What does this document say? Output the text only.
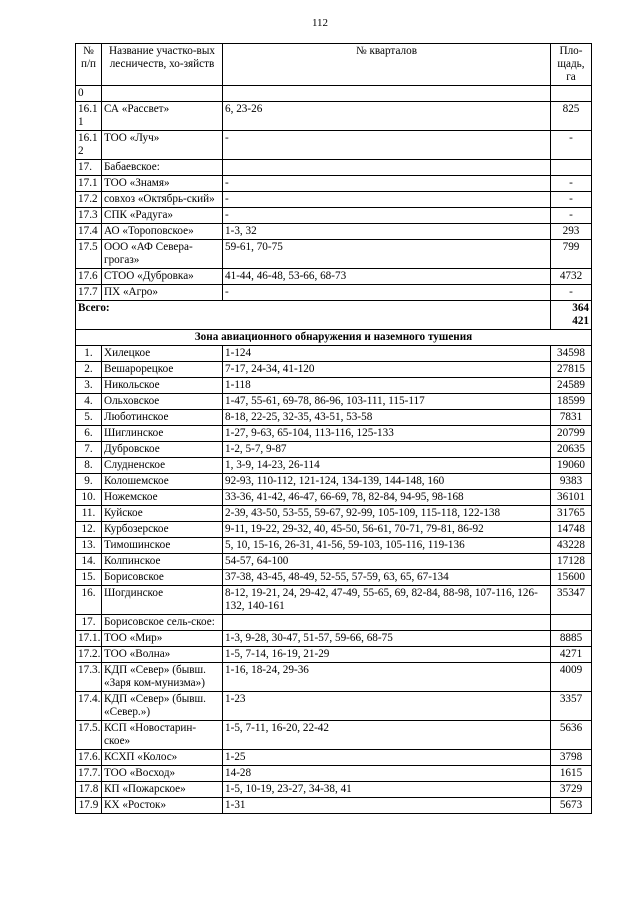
112
№ п/п	Название участко-вых лесничеств, хо-зяйств	№ кварталов	Пло-щадь, га
0			
16.1 1	СА «Рассвет»	6, 23-26	825
16.1 2	ТОО «Луч»	-	-
17.	Бабаевское:		
17.1	ТОО «Знамя»	-	-
17.2	совхоз «Октябрь-ский»	-	-
17.3	СПК «Радуга»	-	-
17.4	АО «Тороповское»	1-3, 32	293
17.5	ООО «АФ Севера-грогаз»	59-61, 70-75	799
17.6	СТОО «Дубровка»	41-44, 46-48, 53-66, 68-73	4732
17.7	ПХ «Агро»	-	-
Всего:			364 421
Зона авиационного обнаружения и наземного тушения			
1.	Хилецкое	1-124	34598
2.	Вешарорецкое	7-17, 24-34, 41-120	27815
3.	Никольское	1-118	24589
4.	Ольховское	1-47, 55-61, 69-78, 86-96, 103-111, 115-117	18599
5.	Люботинское	8-18, 22-25, 32-35, 43-51, 53-58	7831
6.	Шиглинское	1-27, 9-63, 65-104, 113-116, 125-133	20799
7.	Дубровское	1-2, 5-7, 9-87	20635
8.	Слудненское	1, 3-9, 14-23, 26-114	19060
9.	Колошемское	92-93, 110-112, 121-124, 134-139, 144-148, 160	9383
10.	Ножемское	33-36, 41-42, 46-47, 66-69, 78, 82-84, 94-95, 98-168	36101
11.	Куйское	2-39, 43-50, 53-55, 59-67, 92-99, 105-109, 115-118, 122-138	31765
12.	Курбозерское	9-11, 19-22, 29-32, 40, 45-50, 56-61, 70-71, 79-81, 86-92	14748
13.	Тимошинское	5, 10, 15-16, 26-31, 41-56, 59-103, 105-116, 119-136	43228
14.	Колпинское	54-57, 64-100	17128
15.	Борисовское	37-38, 43-45, 48-49, 52-55, 57-59, 63, 65, 67-134	15600
16.	Шогдинское	8-12, 19-21, 24, 29-42, 47-49, 55-65, 69, 82-84, 88-98, 107-116, 126-132, 140-161	35347
17.	Борисовское сель-ское:		
17.1.	ТОО «Мир»	1-3, 9-28, 30-47, 51-57, 59-66, 68-75	8885
17.2.	ТОО «Волна»	1-5, 7-14, 16-19, 21-29	4271
17.3.	КДП «Север» (бывш. «Заря ком-мунизма»)	1-16, 18-24, 29-36	4009
17.4.	КДП «Север» (бывш. «Север.»)	1-23	3357
17.5.	КСП «Новостарин-ское»	1-5, 7-11, 16-20, 22-42	5636
17.6.	КСХП «Колос»	1-25	3798
17.7.	ТОО «Восход»	14-28	1615
17.8	КП «Пожарское»	1-5, 10-19, 23-27, 34-38, 41	3729
17.9	КХ «Росток»	1-31	5673
